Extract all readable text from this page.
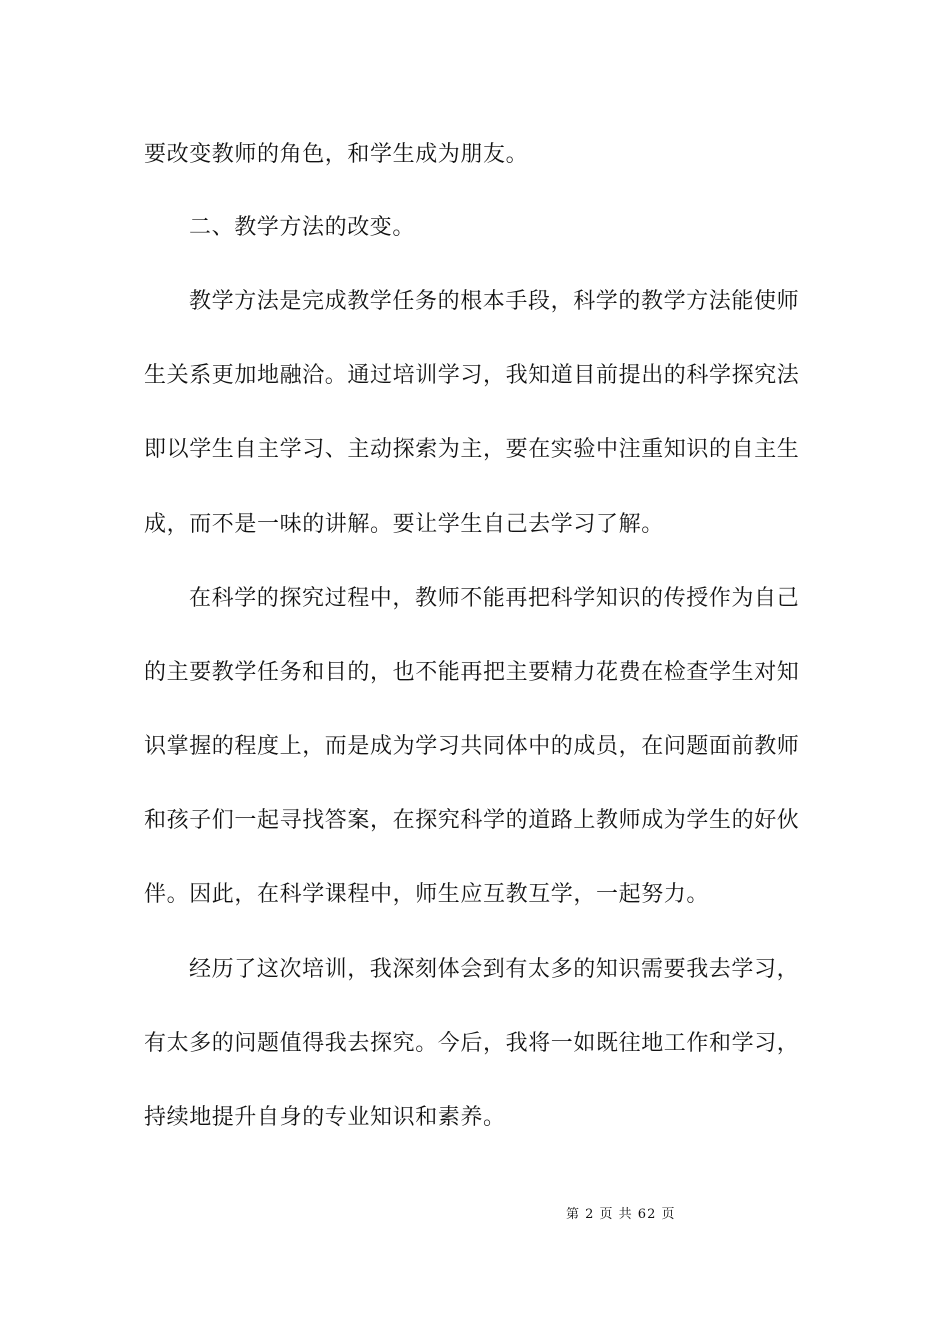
要改变教师的角色，和学生成为朋友。
二、教学方法的改变。
教学方法是完成教学任务的根本手段，科学的教学方法能使师
生关系更加地融洽。通过培训学习，我知道目前提出的科学探究法
即以学生自主学习、主动探索为主，要在实验中注重知识的自主生
成，而不是一味的讲解。要让学生自己去学习了解。
在科学的探究过程中，教师不能再把科学知识的传授作为自己
的主要教学任务和目的，也不能再把主要精力花费在检查学生对知
识掌握的程度上，而是成为学习共同体中的成员，在问题面前教师
和孩子们一起寻找答案，在探究科学的道路上教师成为学生的好伙
伴。因此，在科学课程中，师生应互教互学，一起努力。
经历了这次培训，我深刻体会到有太多的知识需要我去学习，
有太多的问题值得我去探究。今后，我将一如既往地工作和学习，
持续地提升自身的专业知识和素养。
第 2 页 共 62 页
